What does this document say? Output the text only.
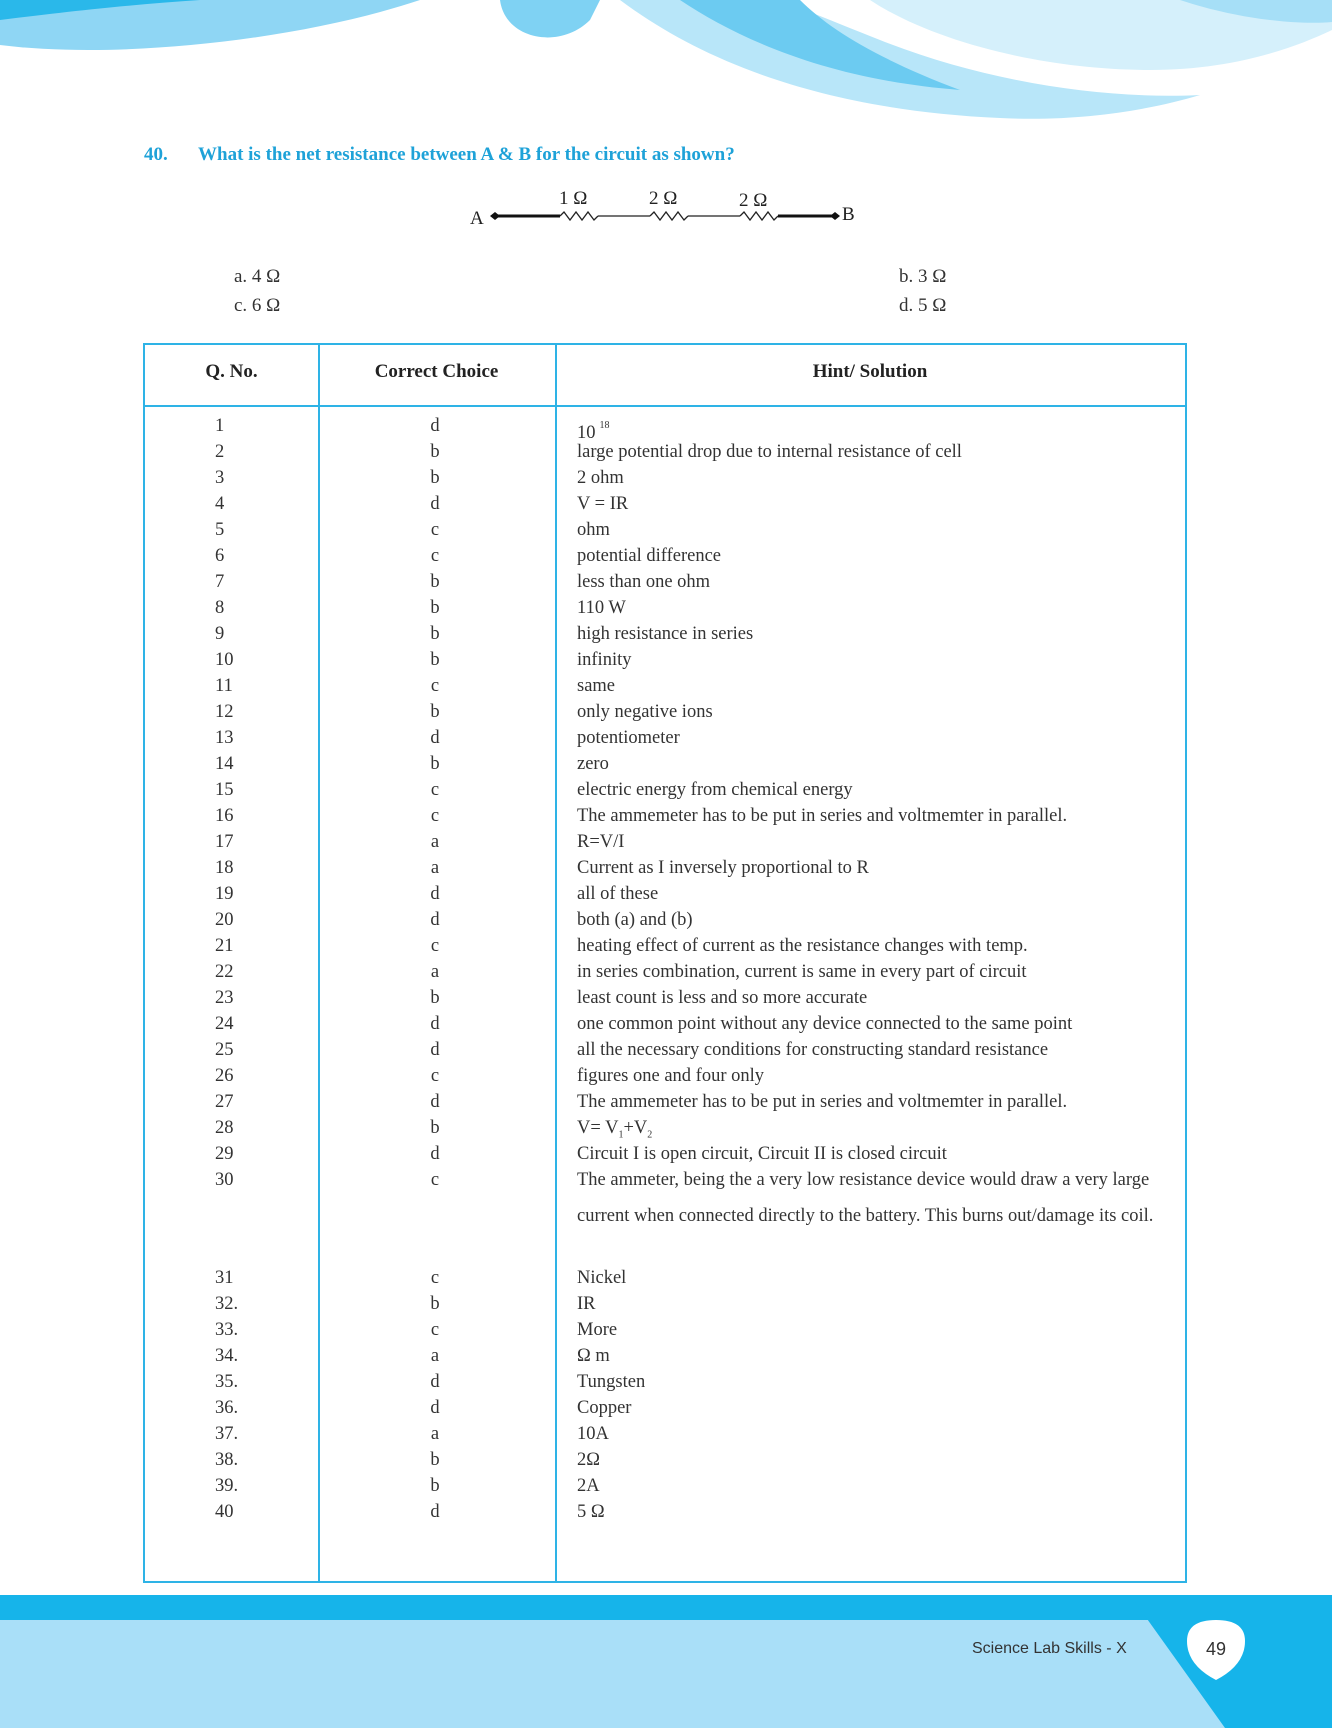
40. What is the net resistance between A & B for the circuit as shown?
A
1 Ω	2 Ω	2 Ω
B
a. 4 Ω	b. 3 Ω
c. 6 Ω	d. 5 Ω
Q. No.	Correct Choice	Hint/ Solution
1	d	10 $^{18}$
2	b	large potential drop due to internal resistance of cell
3	b	2 ohm
4	d	V = IR
5	c	ohm
6	c	potential difference
7	b	less than one ohm
8	b	110 W
9	b	high resistance in series
10	b	infinity
11	c	same
12	b	only negative ions
13	d	potentiometer
14	b	zero
15	c	electric energy from chemical energy
16	c	The ammemeter has to be put in series and voltmemter in parallel.
17	a	R=V/I
18	a	Current as I inversely proportional to R
19	d	all of these
20	d	both (a) and (b)
21	c	heating effect of current as the resistance changes with temp.
22	a	in series combination, current is same in every part of circuit
23	b	least count is less and so more accurate
24	d	one common point without any device connected to the same point
25	d	all the necessary conditions for constructing standard resistance
26	c	figures one and four only
27	d	The ammemeter has to be put in series and voltmemter in parallel.
28	b	$V= V_1+V_2$
29	d	Circuit I is open circuit, Circuit II is closed circuit
30	c	The ammeter, being the a very low resistance device would draw a very large current when connected directly to the battery. This burns out/damage its coil.
31	c	Nickel
32.	b	IR
33.	c	More
34.	a	Ω m
35.	d	Tungsten
36.	d	Copper
37.	a	10A
38.	b	2Ω
39.	b	2A
40	d	5 Ω
Science Lab Skills - X	49
